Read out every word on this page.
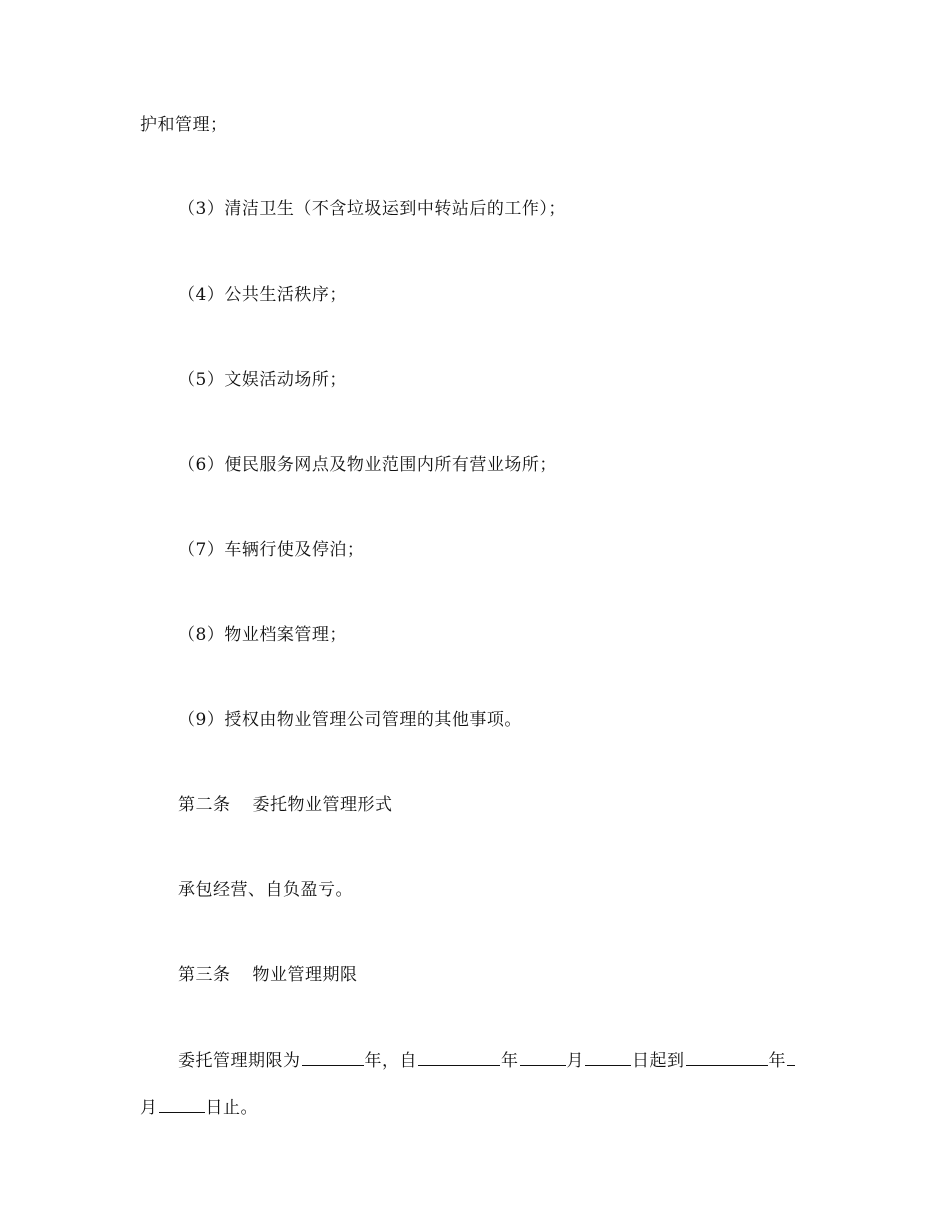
护和管理；
（3）清洁卫生（不含垃圾运到中转站后的工作）；
（4）公共生活秩序；
（5）文娱活动场所；
（6）便民服务网点及物业范围内所有营业场所；
（7）车辆行使及停泊；
（8）物业档案管理；
（9）授权由物业管理公司管理的其他事项。
第二条 委托物业管理形式
承包经营、自负盈亏。
第三条 物业管理期限
委托管理期限为	年，自	年	月	日起到	年
月	日止。
